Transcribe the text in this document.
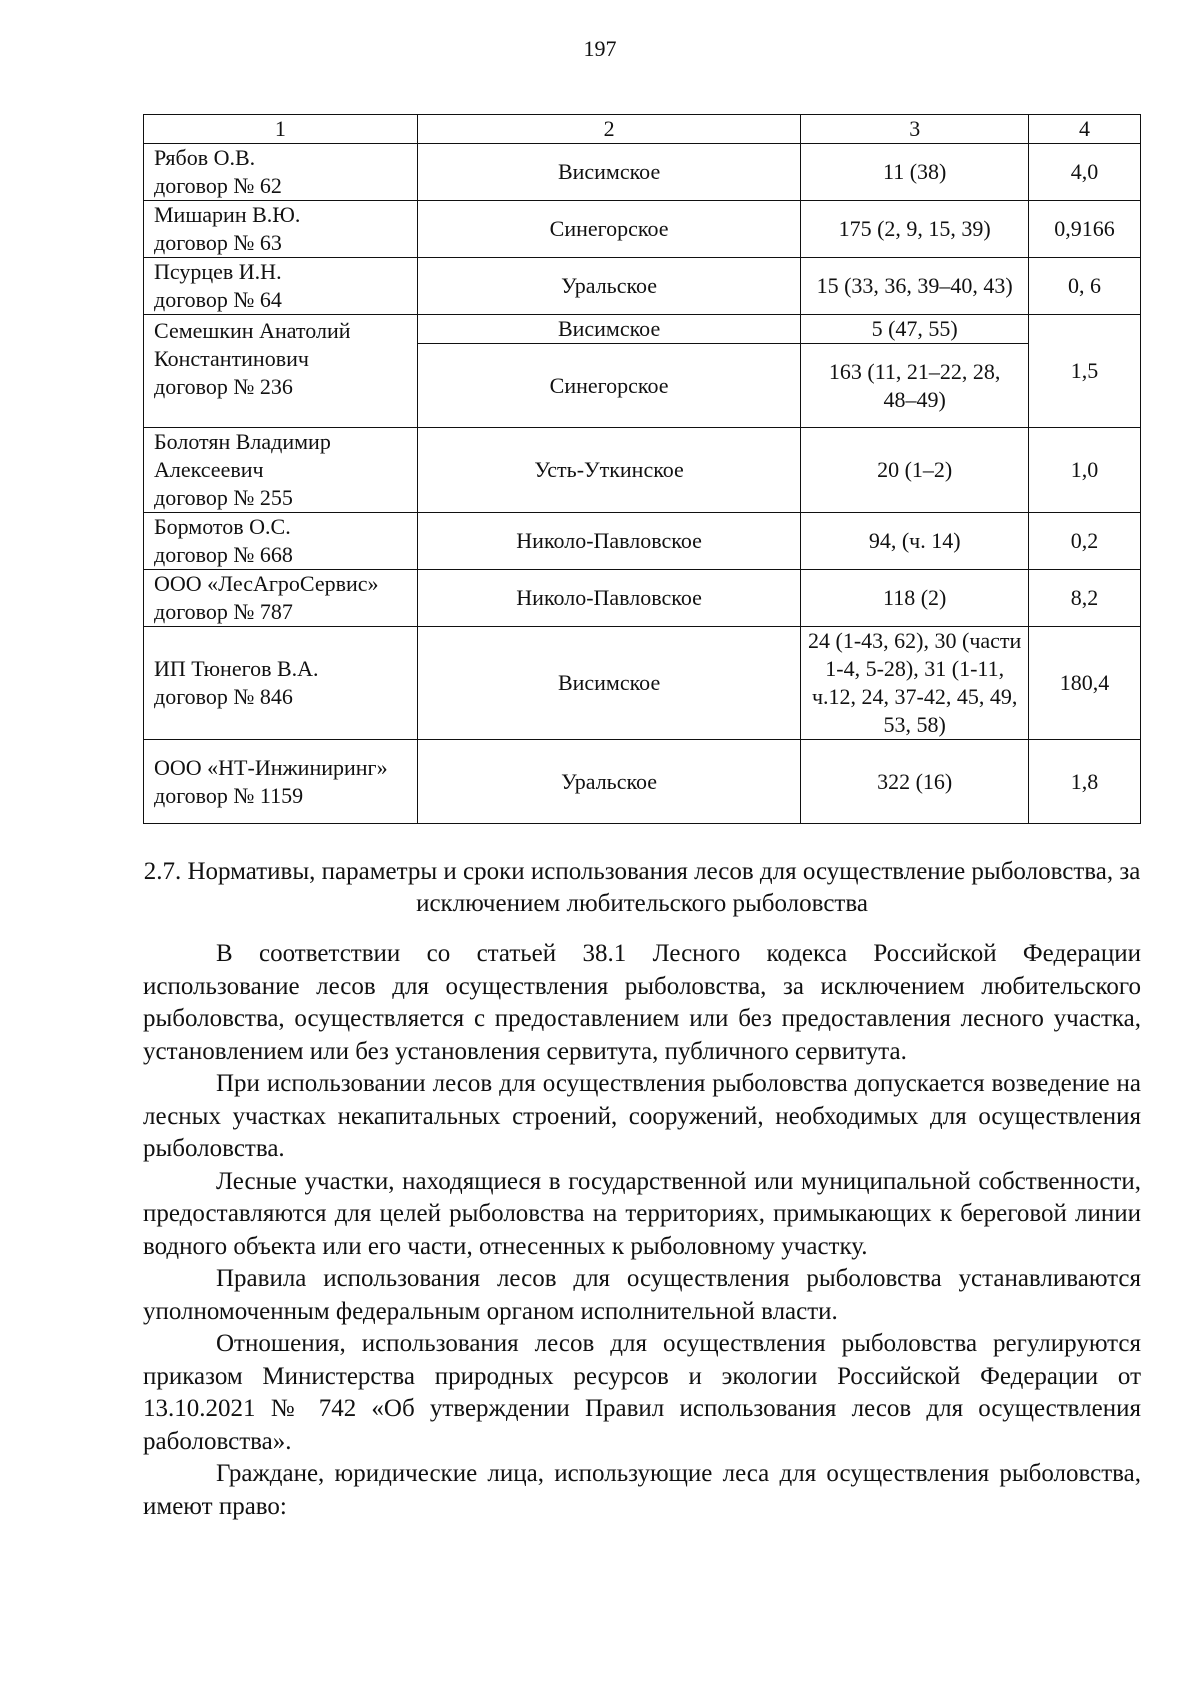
197
1	2	3	4

Рябов О.В.
договор № 62	Висимское	11 (38)	4,0

Мишарин В.Ю.
договор № 63	Синегорское	175 (2, 9, 15, 39)	0,9166

Псурцев И.Н.
договор № 64	Уральское	15 (33, 36, 39–40, 43)	0, 6

Семешкин Анатолий Константинович
договор № 236	Висимское	5 (47, 55)	1,5
	Синегорское	163 (11, 21–22, 28, 48–49)	

Болотян Владимир Алексеевич
договор № 255	Усть-Уткинское	20 (1–2)	1,0

Бормотов О.С.
договор № 668	Николо-Павловское	94, (ч. 14)	0,2

ООО «ЛесАгроСервис»
договор № 787	Николо-Павловское	118 (2)	8,2

ИП Тюнегов В.А.
договор № 846	Висимское	24 (1-43, 62), 30 (части 1-4, 5-28), 31 (1-11, ч.12, 24, 37-42, 45, 49, 53, 58)	180,4

ООО «НТ-Инжиниринг» договор № 1159	Уральское	322 (16)	1,8
2.7. Нормативы, параметры и сроки использования лесов для осуществление рыболовства, за исключением любительского рыболовства

В соответствии со статьей 38.1 Лесного кодекса Российской Федерации использование лесов для осуществления рыболовства, за исключением любительского рыболовства, осуществляется с предоставлением или без предоставления лесного участка, установлением или без установления сервитута, публичного сервитута.

При использовании лесов для осуществления рыболовства допускается возведение на лесных участках некапитальных строений, сооружений, необходимых для осуществления рыболовства.

Лесные участки, находящиеся в государственной или муниципальной собственности, предоставляются для целей рыболовства на территориях, примыкающих к береговой линии водного объекта или его части, отнесенных к рыболовному участку.

Правила использования лесов для осуществления рыболовства устанавливаются уполномоченным федеральным органом исполнительной власти.

Отношения, использования лесов для осуществления рыболовства регулируются приказом Министерства природных ресурсов и экологии Российской Федерации от 13.10.2021 № 742 «Об утверждении Правил использования лесов для осуществления раболовства».

Граждане, юридические лица, использующие леса для осуществления рыболовства, имеют право:
